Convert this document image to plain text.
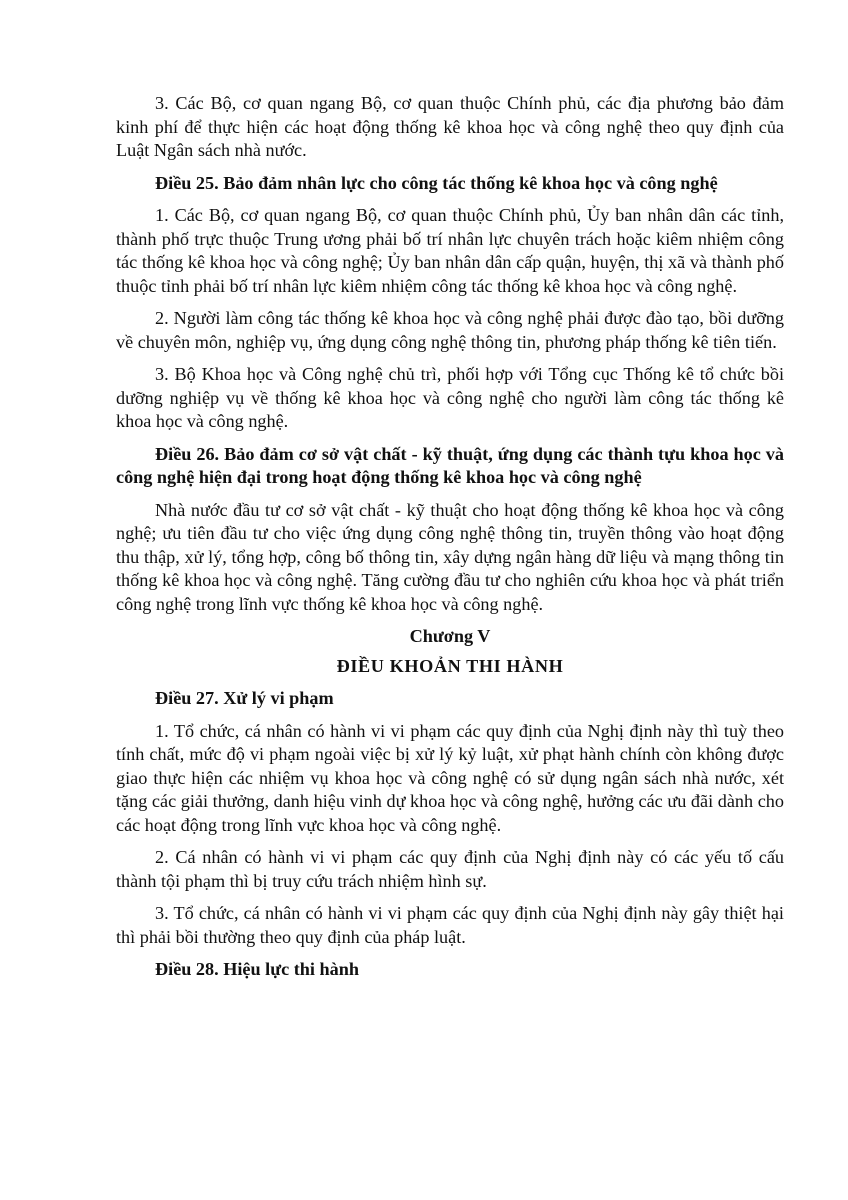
3. Các Bộ, cơ quan ngang Bộ, cơ quan thuộc Chính phủ, các địa phương bảo đảm kinh phí để thực hiện các hoạt động thống kê khoa học và công nghệ theo quy định của Luật Ngân sách nhà nước.

Điều 25. Bảo đảm nhân lực cho công tác thống kê khoa học và công nghệ

1. Các Bộ, cơ quan ngang Bộ, cơ quan thuộc Chính phủ, Ủy ban nhân dân các tỉnh, thành phố trực thuộc Trung ương phải bố trí nhân lực chuyên trách hoặc kiêm nhiệm công tác thống kê khoa học và công nghệ; Ủy ban nhân dân cấp quận, huyện, thị xã và thành phố thuộc tỉnh phải bố trí nhân lực kiêm nhiệm công tác thống kê khoa học và công nghệ.

2. Người làm công tác thống kê khoa học và công nghệ phải được đào tạo, bồi dưỡng về chuyên môn, nghiệp vụ, ứng dụng công nghệ thông tin, phương pháp thống kê tiên tiến.

3. Bộ Khoa học và Công nghệ chủ trì, phối hợp với Tổng cục Thống kê tổ chức bồi dưỡng nghiệp vụ về thống kê khoa học và công nghệ cho người làm công tác thống kê khoa học và công nghệ.

Điều 26. Bảo đảm cơ sở vật chất - kỹ thuật, ứng dụng các thành tựu khoa học và công nghệ hiện đại trong hoạt động thống kê khoa học và công nghệ

Nhà nước đầu tư cơ sở vật chất - kỹ thuật cho hoạt động thống kê khoa học và công nghệ; ưu tiên đầu tư cho việc ứng dụng công nghệ thông tin, truyền thông vào hoạt động thu thập, xử lý, tổng hợp, công bố thông tin, xây dựng ngân hàng dữ liệu và mạng thông tin thống kê khoa học và công nghệ. Tăng cường đầu tư cho nghiên cứu khoa học và phát triển công nghệ trong lĩnh vực thống kê khoa học và công nghệ.

Chương V
ĐIỀU KHOẢN THI HÀNH
Điều 27. Xử lý vi phạm

1. Tổ chức, cá nhân có hành vi vi phạm các quy định của Nghị định này thì tuỳ theo tính chất, mức độ vi phạm ngoài việc bị xử lý kỷ luật, xử phạt hành chính còn không được giao thực hiện các nhiệm vụ khoa học và công nghệ có sử dụng ngân sách nhà nước, xét tặng các giải thưởng, danh hiệu vinh dự khoa học và công nghệ, hưởng các ưu đãi dành cho các hoạt động trong lĩnh vực khoa học và công nghệ.

2. Cá nhân có hành vi vi phạm các quy định của Nghị định này có các yếu tố cấu thành tội phạm thì bị truy cứu trách nhiệm hình sự.

3. Tổ chức, cá nhân có hành vi vi phạm các quy định của Nghị định này gây thiệt hại thì phải bồi thường theo quy định của pháp luật.

Điều 28. Hiệu lực thi hành
